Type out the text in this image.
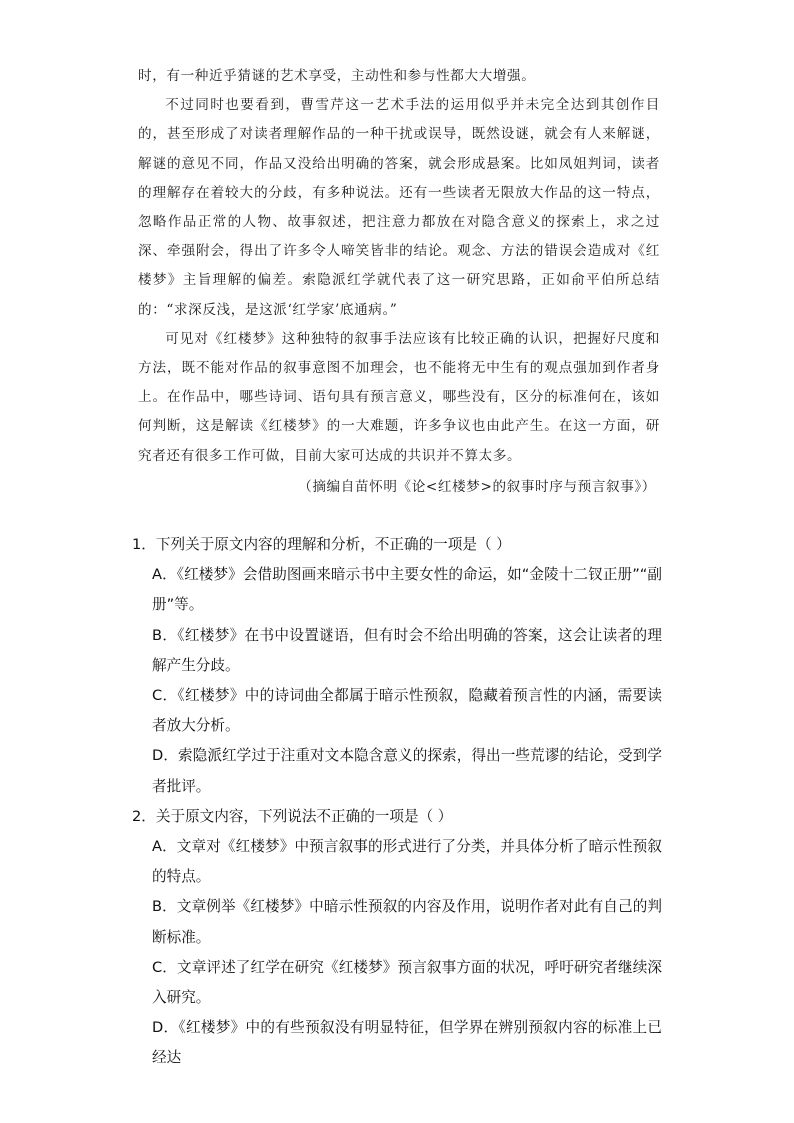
时，有一种近乎猜谜的艺术享受，主动性和参与性都大大增强。

不过同时也要看到，曹雪芹这一艺术手法的运用似乎并未完全达到其创作目的，甚至形成了对读者理解作品的一种干扰或误导，既然设谜，就会有人来解谜，解谜的意见不同，作品又没给出明确的答案，就会形成悬案。比如凤姐判词，读者的理解存在着较大的分歧，有多种说法。还有一些读者无限放大作品的这一特点，忽略作品正常的人物、故事叙述，把注意力都放在对隐含意义的探索上，求之过深、牵强附会，得出了许多令人啼笑皆非的结论。观念、方法的错误会造成对《红楼梦》主旨理解的偏差。索隐派红学就代表了这一研究思路，正如俞平伯所总结的：“求深反浅，是这派‘红学家’底通病。”

可见对《红楼梦》这种独特的叙事手法应该有比较正确的认识，把握好尺度和方法，既不能对作品的叙事意图不加理会，也不能将无中生有的观点强加到作者身上。在作品中，哪些诗词、语句具有预言意义，哪些没有，区分的标准何在，该如何判断，这是解读《红楼梦》的一大难题，许多争议也由此产生。在这一方面，研究者还有很多工作可做，目前大家可达成的共识并不算太多。

（摘编自苗怀明《论<红楼梦>的叙事时序与预言叙事》）

1．下列关于原文内容的理解和分析，不正确的一项是（ ）

A．《红楼梦》会借助图画来暗示书中主要女性的命运，如“金陵十二钗正册”“副册”等。

B．《红楼梦》在书中设置谜语，但有时会不给出明确的答案，这会让读者的理解产生分歧。

C．《红楼梦》中的诗词曲全都属于暗示性预叙，隐藏着预言性的内涵，需要读者放大分析。

D．索隐派红学过于注重对文本隐含意义的探索，得出一些荒谬的结论，受到学者批评。

2．关于原文内容，下列说法不正确的一项是（ ）

A．文章对《红楼梦》中预言叙事的形式进行了分类，并具体分析了暗示性预叙的特点。

B．文章例举《红楼梦》中暗示性预叙的内容及作用，说明作者对此有自己的判断标准。

C．文章评述了红学在研究《红楼梦》预言叙事方面的状况，呼吁研究者继续深入研究。

D．《红楼梦》中的有些预叙没有明显特征，但学界在辨别预叙内容的标准上已经达
